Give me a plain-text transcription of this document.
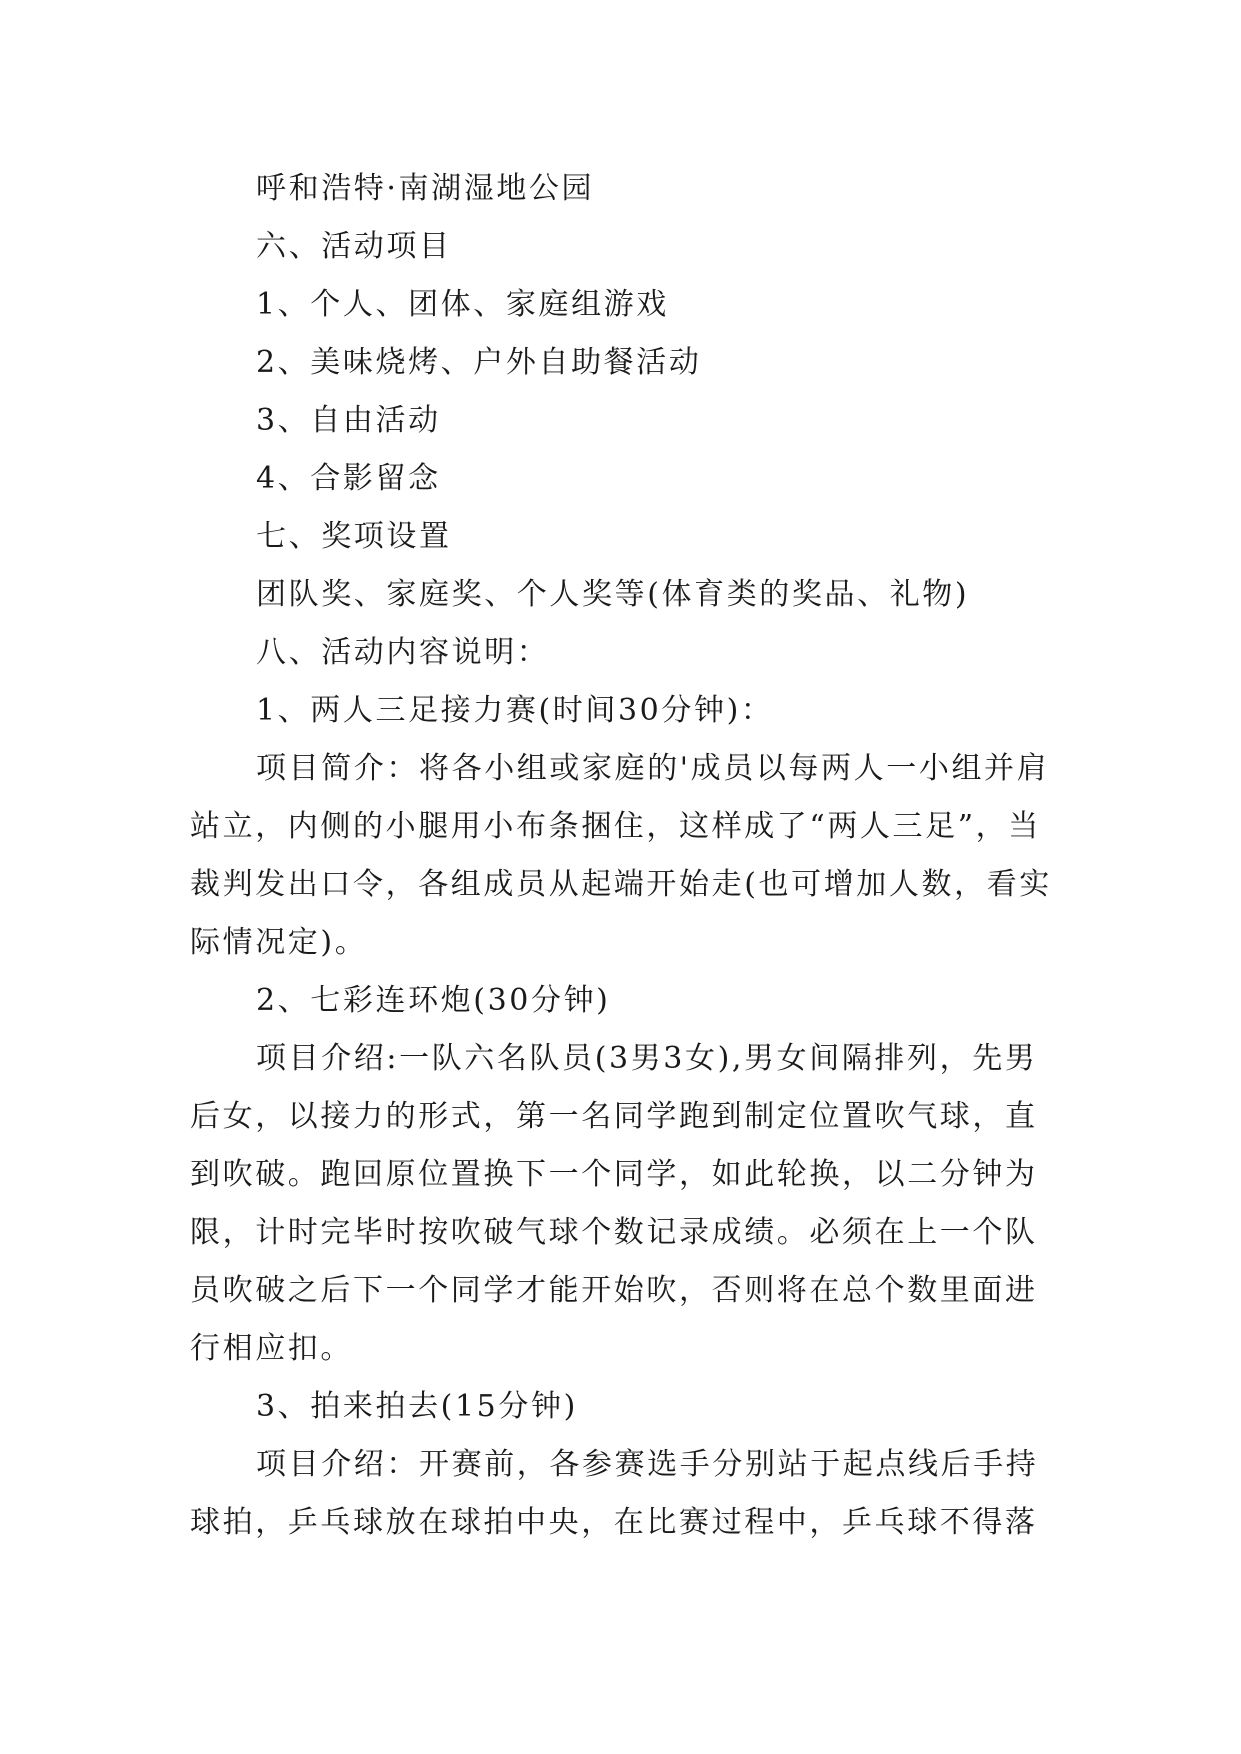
呼和浩特·南湖湿地公园

六、活动项目

1、个人、团体、家庭组游戏

2、美味烧烤、户外自助餐活动

3、自由活动

4、合影留念

七、奖项设置

团队奖、家庭奖、个人奖等(体育类的奖品、礼物)

八、活动内容说明：

1、两人三足接力赛(时间30分钟)：

项目简介：将各小组或家庭的'成员以每两人一小组并肩站立，内侧的小腿用小布条捆住，这样成了“两人三足”，当裁判发出口令，各组成员从起端开始走(也可增加人数，看实际情况定)。

2、七彩连环炮(30分钟)

项目介绍:一队六名队员(3男3女),男女间隔排列，先男后女，以接力的形式，第一名同学跑到制定位置吹气球，直到吹破。跑回原位置换下一个同学，如此轮换，以二分钟为限，计时完毕时按吹破气球个数记录成绩。必须在上一个队员吹破之后下一个同学才能开始吹，否则将在总个数里面进行相应扣。

3、拍来拍去(15分钟)

项目介绍：开赛前，各参赛选手分别站于起点线后手持球拍，乒乓球放在球拍中央，在比赛过程中，乒乓球不得落
